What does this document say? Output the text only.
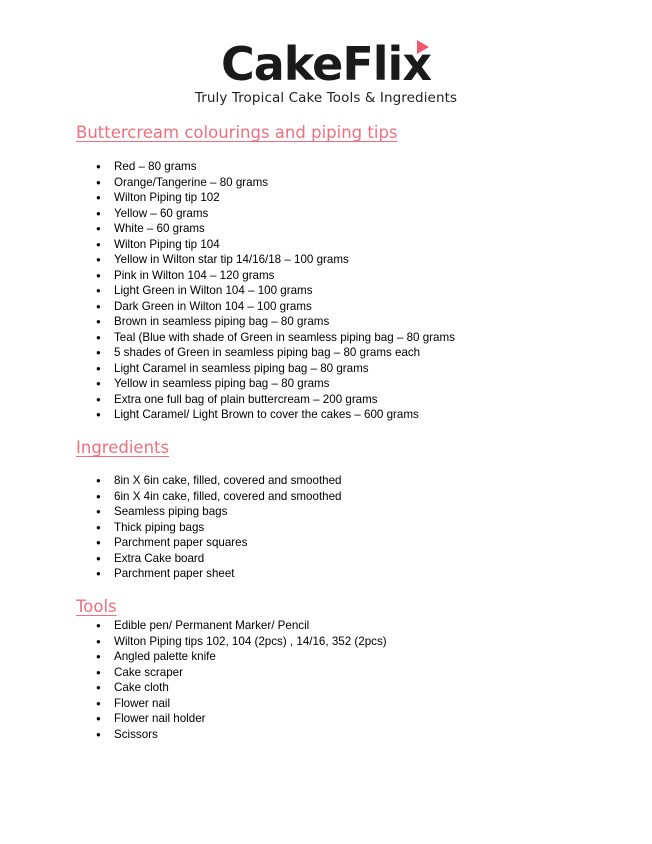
CakeFlix
Truly Tropical Cake Tools & Ingredients
Buttercream colourings and piping tips
● Red – 80 grams
● Orange/Tangerine – 80 grams
● Wilton Piping tip 102
● Yellow – 60 grams
● White – 60 grams
● Wilton Piping tip 104
● Yellow in Wilton star tip 14/16/18 – 100 grams
● Pink in Wilton 104 – 120 grams
● Light Green in Wilton 104 – 100 grams
● Dark Green in Wilton 104 – 100 grams
● Brown in seamless piping bag – 80 grams
● Teal (Blue with shade of Green in seamless piping bag – 80 grams
● 5 shades of Green in seamless piping bag – 80 grams each
● Light Caramel in seamless piping bag – 80 grams
● Yellow in seamless piping bag – 80 grams
● Extra one full bag of plain buttercream – 200 grams
● Light Caramel/ Light Brown to cover the cakes – 600 grams
Ingredients
● 8in X 6in cake, filled, covered and smoothed
● 6in X 4in cake, filled, covered and smoothed
● Seamless piping bags
● Thick piping bags
● Parchment paper squares
● Extra Cake board
● Parchment paper sheet
Tools
● Edible pen/ Permanent Marker/ Pencil
● Wilton Piping tips 102, 104 (2pcs) , 14/16, 352 (2pcs)
● Angled palette knife
● Cake scraper
● Cake cloth
● Flower nail
● Flower nail holder
● Scissors
